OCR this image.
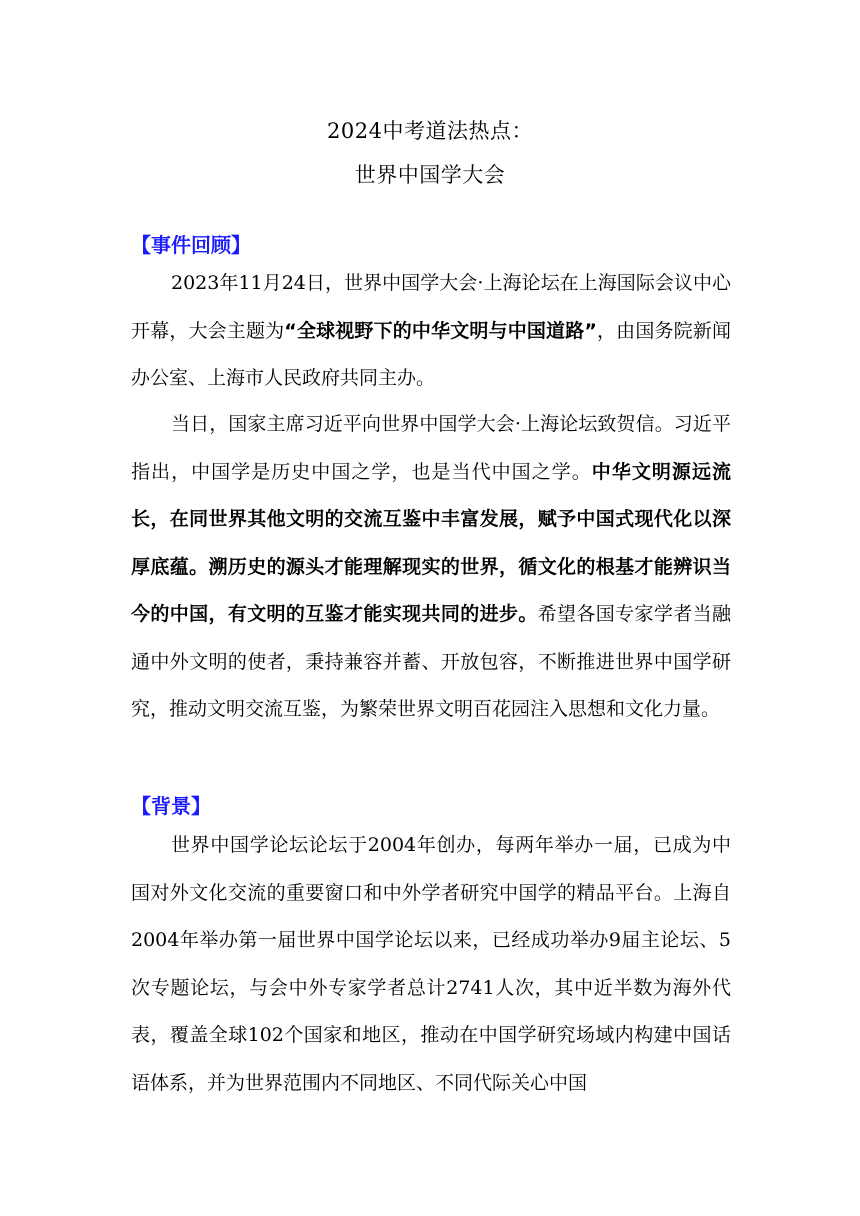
2024中考道法热点：
世界中国学大会
【事件回顾】

2023年11月24日，世界中国学大会·上海论坛在上海国际会议中心开幕，大会主题为“全球视野下的中华文明与中国道路”，由国务院新闻办公室、上海市人民政府共同主办。

当日，国家主席习近平向世界中国学大会·上海论坛致贺信。习近平指出，中国学是历史中国之学，也是当代中国之学。中华文明源远流长，在同世界其他文明的交流互鉴中丰富发展，赋予中国式现代化以深厚底蕴。溯历史的源头才能理解现实的世界，循文化的根基才能辨识当今的中国，有文明的互鉴才能实现共同的进步。希望各国专家学者当融通中外文明的使者，秉持兼容并蓄、开放包容，不断推进世界中国学研究，推动文明交流互鉴，为繁荣世界文明百花园注入思想和文化力量。

【背景】

世界中国学论坛论坛于2004年创办，每两年举办一届，已成为中国对外文化交流的重要窗口和中外学者研究中国学的精品平台。上海自2004年举办第一届世界中国学论坛以来，已经成功举办9届主论坛、5次专题论坛，与会中外专家学者总计2741人次，其中近半数为海外代表，覆盖全球102个国家和地区，推动在中国学研究场域内构建中国话语体系，并为世界范围内不同地区、不同代际关心中国
